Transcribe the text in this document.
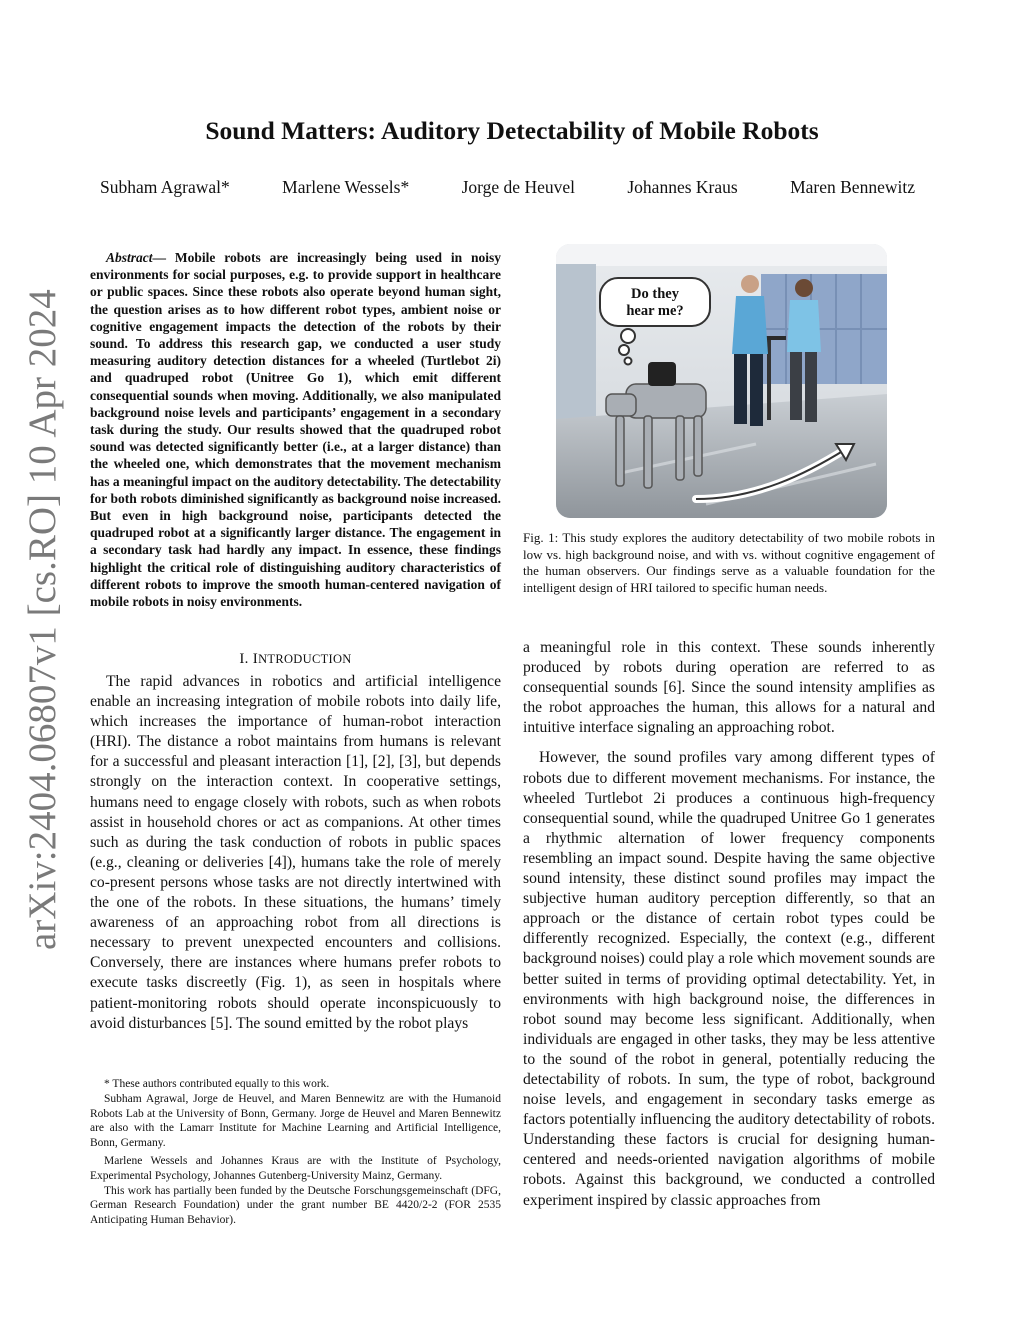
arXiv:2404.06807v1 [cs.RO] 10 Apr 2024
Sound Matters: Auditory Detectability of Mobile Robots
Subham Agrawal*	Marlene Wessels*	Jorge de Heuvel	Johannes Kraus	Maren Bennewitz
Abstract— Mobile robots are increasingly being used in noisy environments for social purposes, e.g. to provide support in healthcare or public spaces. Since these robots also operate beyond human sight, the question arises as to how different robot types, ambient noise or cognitive engagement impacts the detection of the robots by their sound. To address this research gap, we conducted a user study measuring auditory detection distances for a wheeled (Turtlebot 2i) and quadruped robot (Unitree Go 1), which emit different consequential sounds when moving. Additionally, we also manipulated background noise levels and participants’ engagement in a secondary task during the study. Our results showed that the quadruped robot sound was detected significantly better (i.e., at a larger distance) than the wheeled one, which demonstrates that the movement mechanism has a meaningful impact on the auditory detectability. The detectability for both robots diminished significantly as background noise increased. But even in high background noise, participants detected the quadruped robot at a significantly larger distance. The engagement in a secondary task had hardly any impact. In essence, these findings highlight the critical role of distinguishing auditory characteristics of different robots to improve the smooth human-centered navigation of mobile robots in noisy environments.
I. INTRODUCTION

The rapid advances in robotics and artificial intelligence enable an increasing integration of mobile robots into daily life, which increases the importance of human-robot interaction (HRI). The distance a robot maintains from humans is relevant for a successful and pleasant interaction [1], [2], [3], but depends strongly on the interaction context. In cooperative settings, humans need to engage closely with robots, such as when robots assist in household chores or act as companions. At other times such as during the task conduction of robots in public spaces (e.g., cleaning or deliveries [4]), humans take the role of merely co-present persons whose tasks are not directly intertwined with the one of the robots. In these situations, the humans’ timely awareness of an approaching robot from all directions is necessary to prevent unexpected encounters and collisions. Conversely, there are instances where humans prefer robots to execute tasks discreetly (Fig. 1), as seen in hospitals where patient-monitoring robots should operate inconspicuously to avoid disturbances [5]. The sound emitted by the robot plays

* These authors contributed equally to this work.

Subham Agrawal, Jorge de Heuvel, and Maren Bennewitz are with the Humanoid Robots Lab at the University of Bonn, Germany. Jorge de Heuvel and Maren Bennewitz are also with the Lamarr Institute for Machine Learning and Artificial Intelligence, Bonn, Germany.

Marlene Wessels and Johannes Kraus are with the Institute of Psychology, Experimental Psychology, Johannes Gutenberg-University Mainz, Germany.

This work has partially been funded by the Deutsche Forschungsgemeinschaft (DFG, German Research Foundation) under the grant number BE 4420/2-2 (FOR 2535 Anticipating Human Behavior).

Do they
hear me?
Fig. 1: This study explores the auditory detectability of two mobile robots in low vs. high background noise, and with vs. without cognitive engagement of the human observers. Our findings serve as a valuable foundation for the intelligent design of HRI tailored to specific human needs.

a meaningful role in this context. These sounds inherently produced by robots during operation are referred to as consequential sounds [6]. Since the sound intensity amplifies as the robot approaches the human, this allows for a natural and intuitive interface signaling an approaching robot.

However, the sound profiles vary among different types of robots due to different movement mechanisms. For instance, the wheeled Turtlebot 2i produces a continuous high-frequency consequential sound, while the quadruped Unitree Go 1 generates a rhythmic alternation of lower frequency components resembling an impact sound. Despite having the same objective sound intensity, these distinct sound profiles may impact the subjective human auditory perception differently, so that an approach or the distance of certain robot types could be differently recognized. Especially, the context (e.g., different background noises) could play a role which movement sounds are better suited in terms of providing optimal detectability. Yet, in environments with high background noise, the differences in robot sound may become less significant. Additionally, when individuals are engaged in other tasks, they may be less attentive to the sound of the robot in general, potentially reducing the detectability of robots. In sum, the type of robot, background noise levels, and engagement in secondary tasks emerge as factors potentially influencing the auditory detectability of robots. Understanding these factors is crucial for designing human-centered and needs-oriented navigation algorithms of mobile robots. Against this background, we conducted a controlled experiment inspired by classic approaches from
